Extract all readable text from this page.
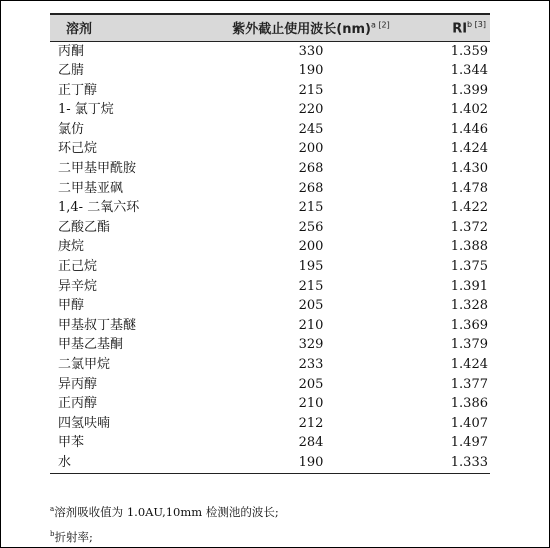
溶剂	紫外截止使用波长(nm)$^{a [2]}$	$RI^{b [3]}$
丙酮	330	1.359
乙腈	190	1.344
正丁醇	215	1.399
1- 氯丁烷	220	1.402
氯仿	245	1.446
环己烷	200	1.424
二甲基甲酰胺	268	1.430
二甲基亚砜	268	1.478
1,4- 二氧六环	215	1.422
乙酸乙酯	256	1.372
庚烷	200	1.388
正己烷	195	1.375
异辛烷	215	1.391
甲醇	205	1.328
甲基叔丁基醚	210	1.369
甲基乙基酮	329	1.379
二氯甲烷	233	1.424
异丙醇	205	1.377
正丙醇	210	1.386
四氢呋喃	212	1.407
甲苯	284	1.497
水	190	1.333
$^a$溶剂吸收值为 1.0AU,10mm 检测池的波长;
$^b$折射率;
